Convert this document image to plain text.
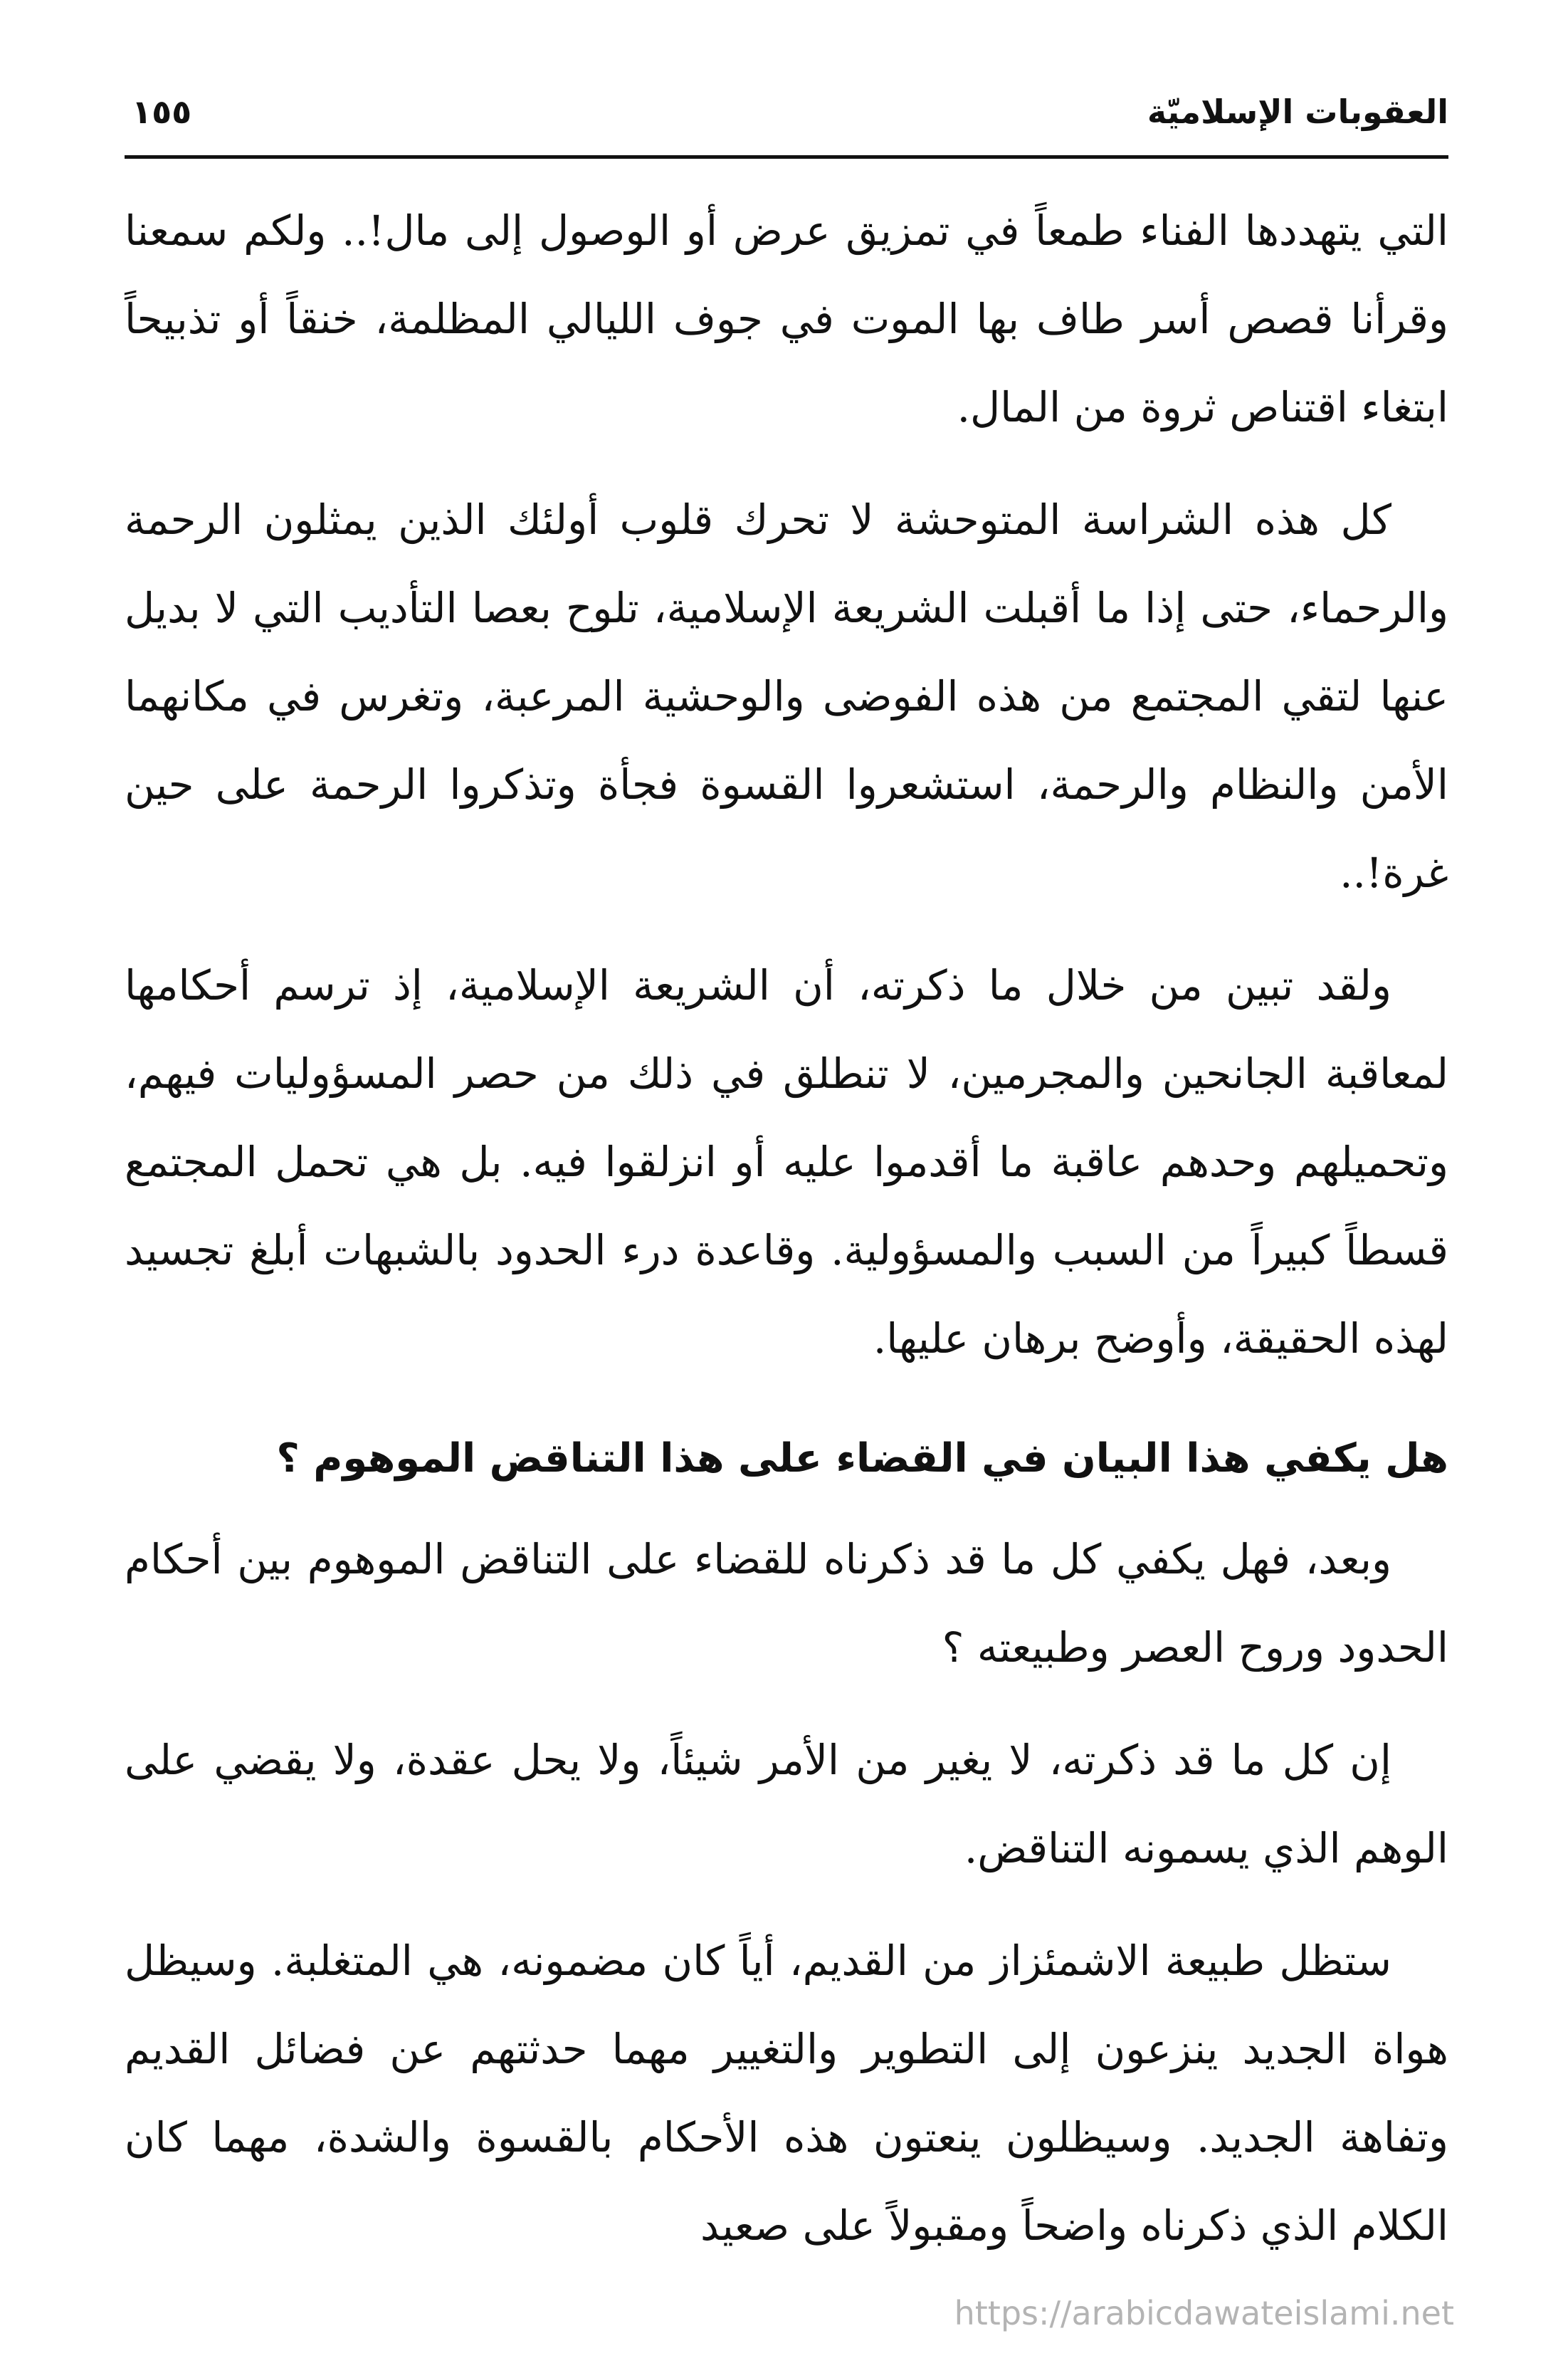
العقوبات الإسلاميّة
١٥٥

التي يتهددها الفناء طمعاً في تمزيق عرض أو الوصول إلى مال!.. ولكم سمعنا وقرأنا قصص أسر طاف بها الموت في جوف الليالي المظلمة، خنقاً أو تذبيحاً ابتغاء اقتناص ثروة من المال.

كل هذه الشراسة المتوحشة لا تحرك قلوب أولئك الذين يمثلون الرحمة والرحماء، حتى إذا ما أقبلت الشريعة الإسلامية، تلوح بعصا التأديب التي لا بديل عنها لتقي المجتمع من هذه الفوضى والوحشية المرعبة، وتغرس في مكانهما الأمن والنظام والرحمة، استشعروا القسوة فجأة وتذكروا الرحمة على حين غرة!..

ولقد تبين من خلال ما ذكرته، أن الشريعة الإسلامية، إذ ترسم أحكامها لمعاقبة الجانحين والمجرمين، لا تنطلق في ذلك من حصر المسؤوليات فيهم، وتحميلهم وحدهم عاقبة ما أقدموا عليه أو انزلقوا فيه. بل هي تحمل المجتمع قسطاً كبيراً من السبب والمسؤولية. وقاعدة درء الحدود بالشبهات أبلغ تجسيد لهذه الحقيقة، وأوضح برهان عليها.

هل يكفي هذا البيان في القضاء على هذا التناقض الموهوم ؟

وبعد، فهل يكفي كل ما قد ذكرناه للقضاء على التناقض الموهوم بين أحكام الحدود وروح العصر وطبيعته ؟

إن كل ما قد ذكرته، لا يغير من الأمر شيئاً، ولا يحل عقدة، ولا يقضي على الوهم الذي يسمونه التناقض.

ستظل طبيعة الاشمئزاز من القديم، أياً كان مضمونه، هي المتغلبة. وسيظل هواة الجديد ينزعون إلى التطوير والتغيير مهما حدثتهم عن فضائل القديم وتفاهة الجديد. وسيظلون ينعتون هذه الأحكام بالقسوة والشدة، مهما كان الكلام الذي ذكرناه واضحاً ومقبولاً على صعيد

https://arabicdawateislami.net
